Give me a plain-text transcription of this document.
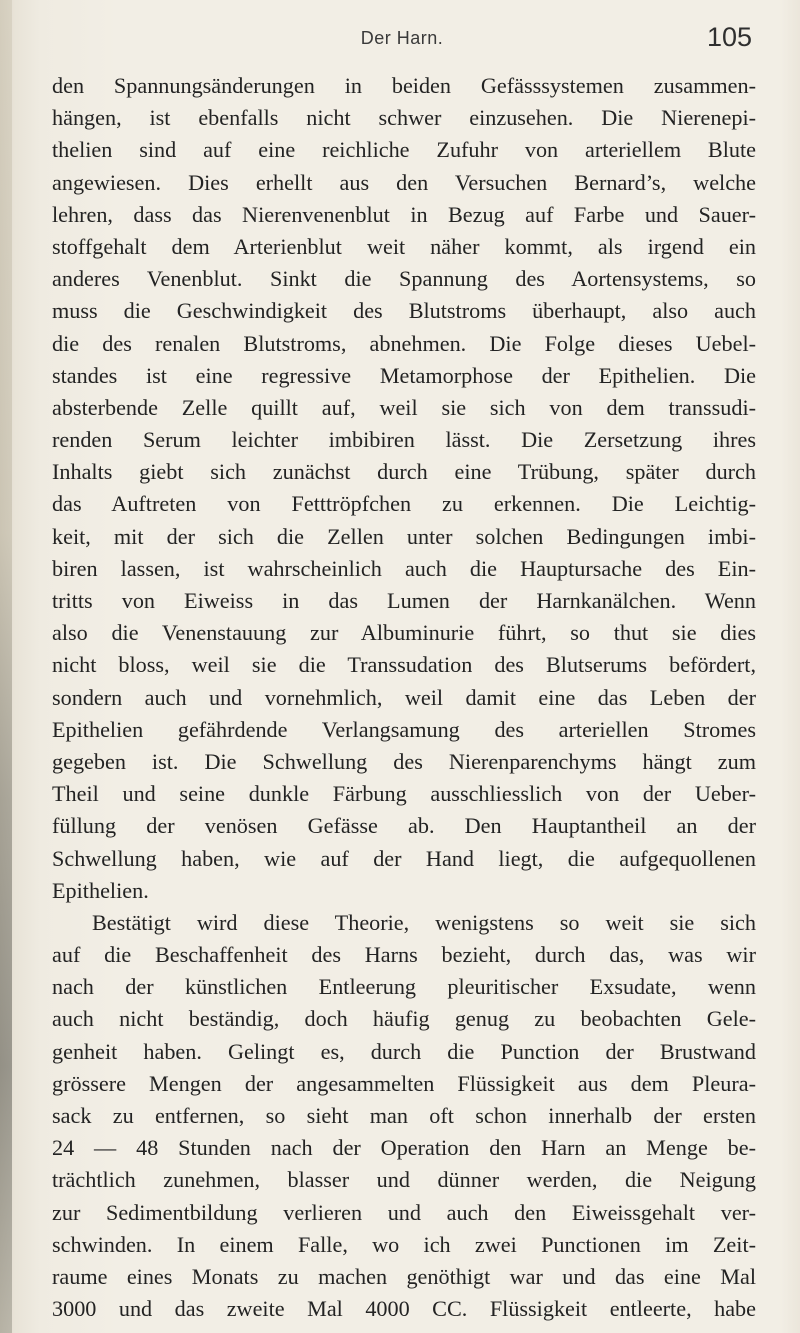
Der Harn.	105
den Spannungsänderungen in beiden Gefässsystemen zusammen-
hängen, ist ebenfalls nicht schwer einzusehen. Die Nierenepi-
thelien sind auf eine reichliche Zufuhr von arteriellem Blute
angewiesen. Dies erhellt aus den Versuchen Bernard’s, welche
lehren, dass das Nierenvenenblut in Bezug auf Farbe und Sauer-
stoffgehalt dem Arterienblut weit näher kommt, als irgend ein
anderes Venenblut. Sinkt die Spannung des Aortensystems, so
muss die Geschwindigkeit des Blutstroms überhaupt, also auch
die des renalen Blutstroms, abnehmen. Die Folge dieses Uebel-
standes ist eine regressive Metamorphose der Epithelien. Die
absterbende Zelle quillt auf, weil sie sich von dem transsudi-
renden Serum leichter imbibiren lässt. Die Zersetzung ihres
Inhalts giebt sich zunächst durch eine Trübung, später durch
das Auftreten von Fetttröpfchen zu erkennen. Die Leichtig-
keit, mit der sich die Zellen unter solchen Bedingungen imbi-
biren lassen, ist wahrscheinlich auch die Hauptursache des Ein-
tritts von Eiweiss in das Lumen der Harnkanälchen. Wenn
also die Venenstauung zur Albuminurie führt, so thut sie dies
nicht bloss, weil sie die Transsudation des Blutserums befördert,
sondern auch und vornehmlich, weil damit eine das Leben der
Epithelien gefährdende Verlangsamung des arteriellen Stromes
gegeben ist. Die Schwellung des Nierenparenchyms hängt zum
Theil und seine dunkle Färbung ausschliesslich von der Ueber-
füllung der venösen Gefässe ab. Den Hauptantheil an der
Schwellung haben, wie auf der Hand liegt, die aufgequollenen
Epithelien.
Bestätigt wird diese Theorie, wenigstens so weit sie sich
auf die Beschaffenheit des Harns bezieht, durch das, was wir
nach der künstlichen Entleerung pleuritischer Exsudate, wenn
auch nicht beständig, doch häufig genug zu beobachten Gele-
genheit haben. Gelingt es, durch die Punction der Brustwand
grössere Mengen der angesammelten Flüssigkeit aus dem Pleura-
sack zu entfernen, so sieht man oft schon innerhalb der ersten
24 — 48 Stunden nach der Operation den Harn an Menge be-
trächtlich zunehmen, blasser und dünner werden, die Neigung
zur Sedimentbildung verlieren und auch den Eiweissgehalt ver-
schwinden. In einem Falle, wo ich zwei Punctionen im Zeit-
raume eines Monats zu machen genöthigt war und das eine Mal
3000 und das zweite Mal 4000 CC. Flüssigkeit entleerte, habe
